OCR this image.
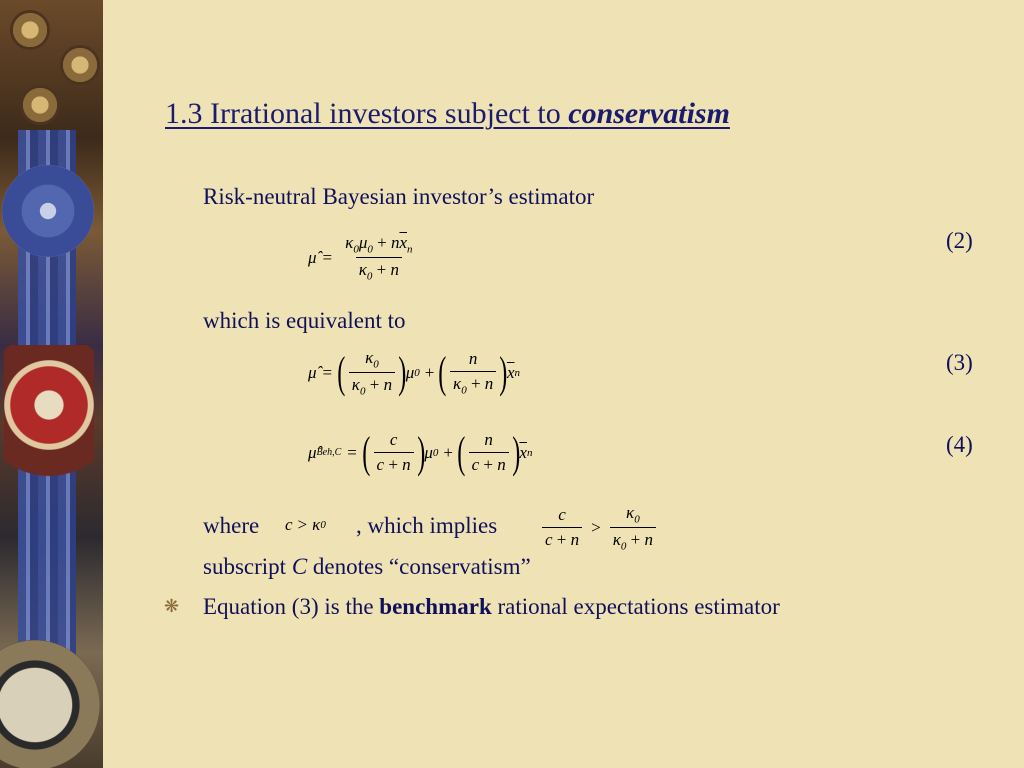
1.3 Irrational investors subject to conservatism
Risk-neutral Bayesian investor’s estimator
μ̂ = $\frac{\kappa_0\mu_0 + n\overline{x}_n}{\kappa_0 + n}$	(2)
which is equivalent to
μ̂ = ( $\frac{\kappa_0}{\kappa_0 + n}$ ) μ 0 + ( $\frac{n}{\kappa_0 + n}$ ) $\overline{x}$ n	(3)
μ̂ Beh,C = ( $\frac{c}{c + n}$ ) μ 0 + ( $\frac{n}{c + n}$ ) $\overline{x}$ n	(4)
where c > κ 0 , which implies	$\frac{c}{c + n} > \frac{\kappa_0}{\kappa_0 + n}$
subscript C denotes “conservatism”
❋ Equation (3) is the benchmark rational expectations estimator
